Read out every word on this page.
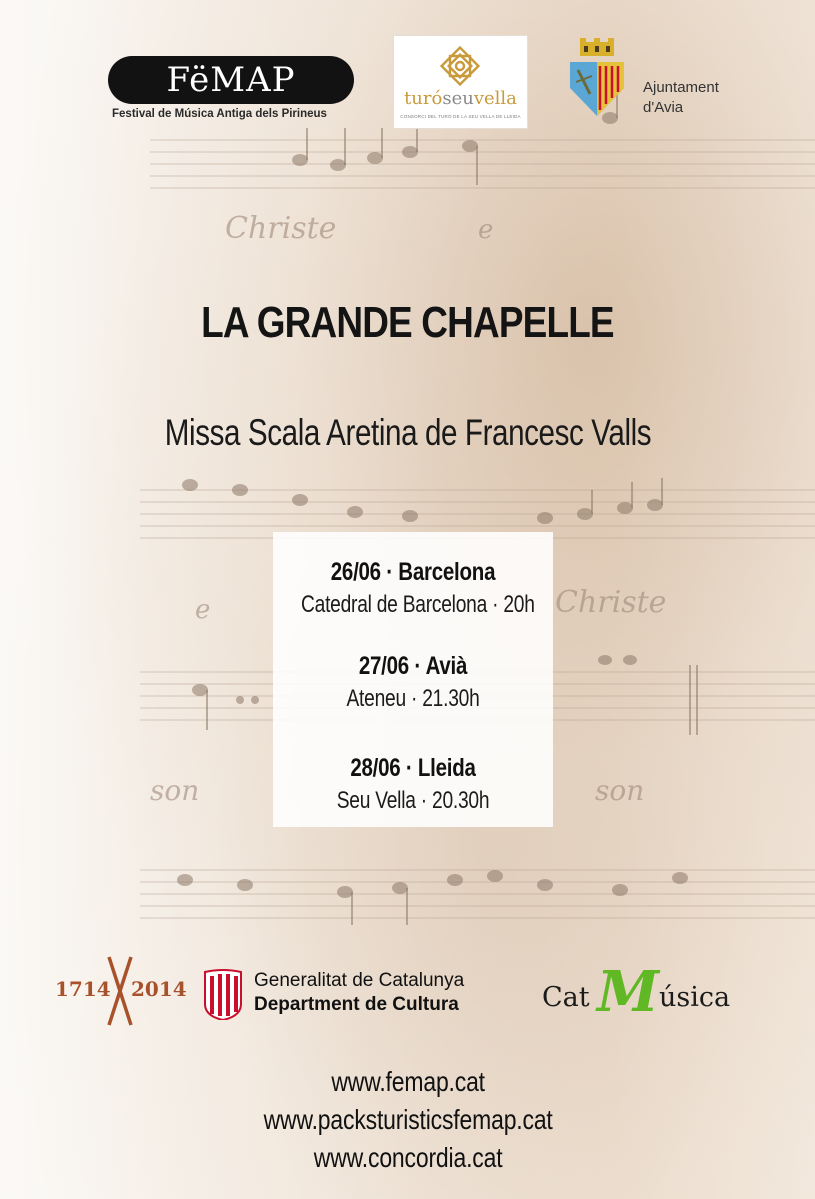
Christe	e
e	Christe
son	son
FëMAP
Festival de Música Antiga dels Pirineus
turóseuvella
CONSORCI DEL TURÓ DE LA SEU VELLA DE LLEIDA
Ajuntament
d'Avia
LA GRANDE CHAPELLE
Missa Scala Aretina de Francesc Valls
26/06 · Barcelona
Catedral de Barcelona · 20h
27/06 · Avià
Ateneu · 21.30h
28/06 · Lleida
Seu Vella · 20.30h
1714 2014	Generalitat de Catalunya
Department de Cultura	Cat M úsica
www.femap.cat
www.packsturisticsfemap.cat
www.concordia.cat
